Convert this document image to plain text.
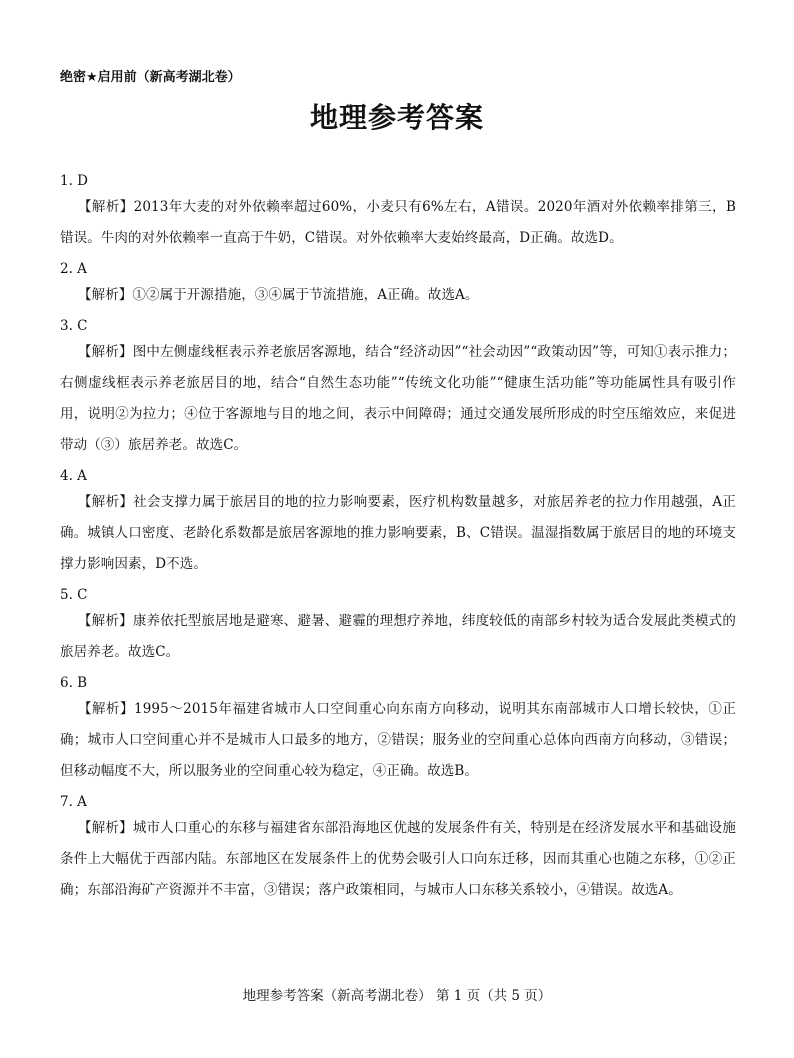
绝密★启用前（新高考湖北卷）
地理参考答案

1. D

【解析】2013年大麦的对外依赖率超过60%，小麦只有6%左右，A错误。2020年酒对外依赖率排第三，B错误。牛肉的对外依赖率一直高于牛奶，C错误。对外依赖率大麦始终最高，D正确。故选D。

2. A

【解析】①②属于开源措施，③④属于节流措施，A正确。故选A。

3. C

【解析】图中左侧虚线框表示养老旅居客源地，结合“经济动因”“社会动因”“政策动因”等，可知①表示推力；右侧虚线框表示养老旅居目的地，结合“自然生态功能”“传统文化功能”“健康生活功能”等功能属性具有吸引作用，说明②为拉力；④位于客源地与目的地之间，表示中间障碍；通过交通发展所形成的时空压缩效应，来促进带动（③）旅居养老。故选C。

4. A

【解析】社会支撑力属于旅居目的地的拉力影响要素，医疗机构数量越多，对旅居养老的拉力作用越强，A正确。城镇人口密度、老龄化系数都是旅居客源地的推力影响要素，B、C错误。温湿指数属于旅居目的地的环境支撑力影响因素，D不选。

5. C

【解析】康养依托型旅居地是避寒、避暑、避霾的理想疗养地，纬度较低的南部乡村较为适合发展此类模式的旅居养老。故选C。

6. B

【解析】1995～2015年福建省城市人口空间重心向东南方向移动，说明其东南部城市人口增长较快，①正确；城市人口空间重心并不是城市人口最多的地方，②错误；服务业的空间重心总体向西南方向移动，③错误；但移动幅度不大，所以服务业的空间重心较为稳定，④正确。故选B。

7. A

【解析】城市人口重心的东移与福建省东部沿海地区优越的发展条件有关，特别是在经济发展水平和基础设施条件上大幅优于西部内陆。东部地区在发展条件上的优势会吸引人口向东迁移，因而其重心也随之东移，①②正确；东部沿海矿产资源并不丰富，③错误；落户政策相同，与城市人口东移关系较小，④错误。故选A。

地理参考答案（新高考湖北卷） 第 1 页（共 5 页）
